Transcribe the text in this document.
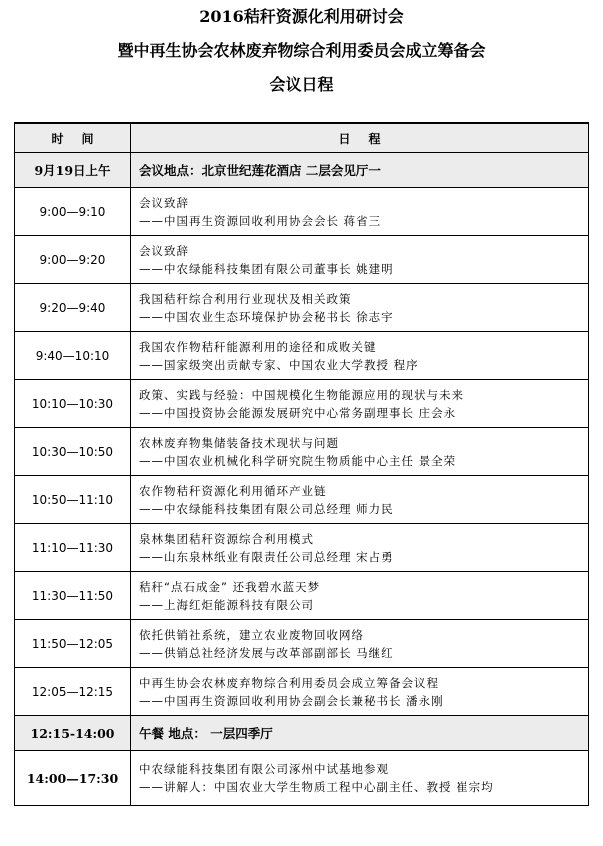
2016秸秆资源化利用研讨会
暨中再生协会农林废弃物综合利用委员会成立筹备会
会议日程
时间	日程
9月19日上午	会议地点：北京世纪莲花酒店 二层会见厅一
9:00—9:10	会议致辞
——中国再生资源回收利用协会会长 蒋省三

9:00—9:20	会议致辞
——中农绿能科技集团有限公司董事长 姚建明

9:20—9:40	我国秸秆综合利用行业现状及相关政策
——中国农业生态环境保护协会秘书长 徐志宇

9:40—10:10	我国农作物秸秆能源利用的途径和成败关键
——国家级突出贡献专家、中国农业大学教授 程序

10:10—10:30	政策、实践与经验：中国规模化生物能源应用的现状与未来
——中国投资协会能源发展研究中心常务副理事长 庄会永

10:30—10:50	农林废弃物集储装备技术现状与问题
——中国农业机械化科学研究院生物质能中心主任 景全荣

10:50—11:10	农作物秸秆资源化利用循环产业链
——中农绿能科技集团有限公司总经理 师力民

11:10—11:30	泉林集团秸秆资源综合利用模式
——山东泉林纸业有限责任公司总经理 宋占勇

11:30—11:50	秸秆“点石成金” 还我碧水蓝天梦
——上海红炬能源科技有限公司

11:50—12:05	依托供销社系统，建立农业废物回收网络
——供销总社经济发展与改革部副部长 马继红

12:05—12:15	中再生协会农林废弃物综合利用委员会成立筹备会议程
——中国再生资源回收利用协会副会长兼秘书长 潘永刚

12:15-14:00	午餐 地点： 一层四季厅
14:00—17:30	中农绿能科技集团有限公司涿州中试基地参观
——讲解人：中国农业大学生物质工程中心副主任、教授 崔宗均
